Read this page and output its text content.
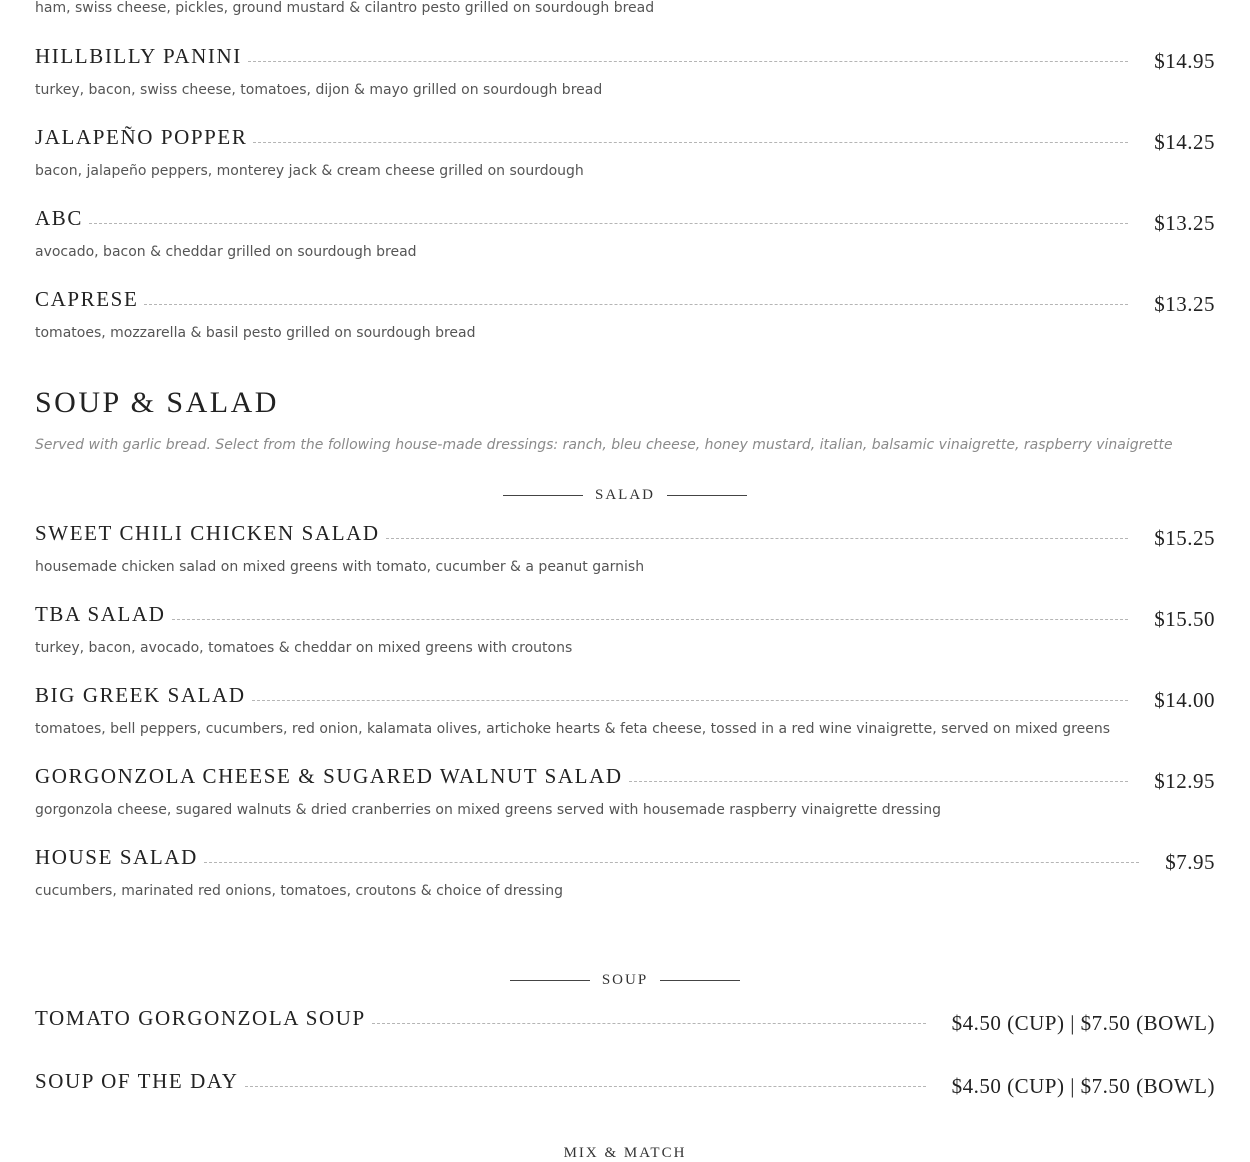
ham, swiss cheese, pickles, ground mustard & cilantro pesto grilled on sourdough bread
HILLBILLY PANINI	$14.95
turkey, bacon, swiss cheese, tomatoes, dijon & mayo grilled on sourdough bread
JALAPEÑO POPPER	$14.25
bacon, jalapeño peppers, monterey jack & cream cheese grilled on sourdough
ABC	$13.25
avocado, bacon & cheddar grilled on sourdough bread
CAPRESE	$13.25
tomatoes, mozzarella & basil pesto grilled on sourdough bread
SOUP & SALAD
Served with garlic bread. Select from the following house-made dressings: ranch, bleu cheese, honey mustard, italian, balsamic vinaigrette, raspberry vinaigrette
SALAD
SWEET CHILI CHICKEN SALAD	$15.25
housemade chicken salad on mixed greens with tomato, cucumber & a peanut garnish
TBA SALAD	$15.50
turkey, bacon, avocado, tomatoes & cheddar on mixed greens with croutons
BIG GREEK SALAD	$14.00
tomatoes, bell peppers, cucumbers, red onion, kalamata olives, artichoke hearts & feta cheese, tossed in a red wine vinaigrette, served on mixed greens
GORGONZOLA CHEESE & SUGARED WALNUT SALAD	$12.95
gorgonzola cheese, sugared walnuts & dried cranberries on mixed greens served with housemade raspberry vinaigrette dressing
HOUSE SALAD	$7.95
cucumbers, marinated red onions, tomatoes, croutons & choice of dressing
SOUP
TOMATO GORGONZOLA SOUP	$4.50 (CUP) | $7.50 (BOWL)
SOUP OF THE DAY	$4.50 (CUP) | $7.50 (BOWL)
MIX & MATCH
